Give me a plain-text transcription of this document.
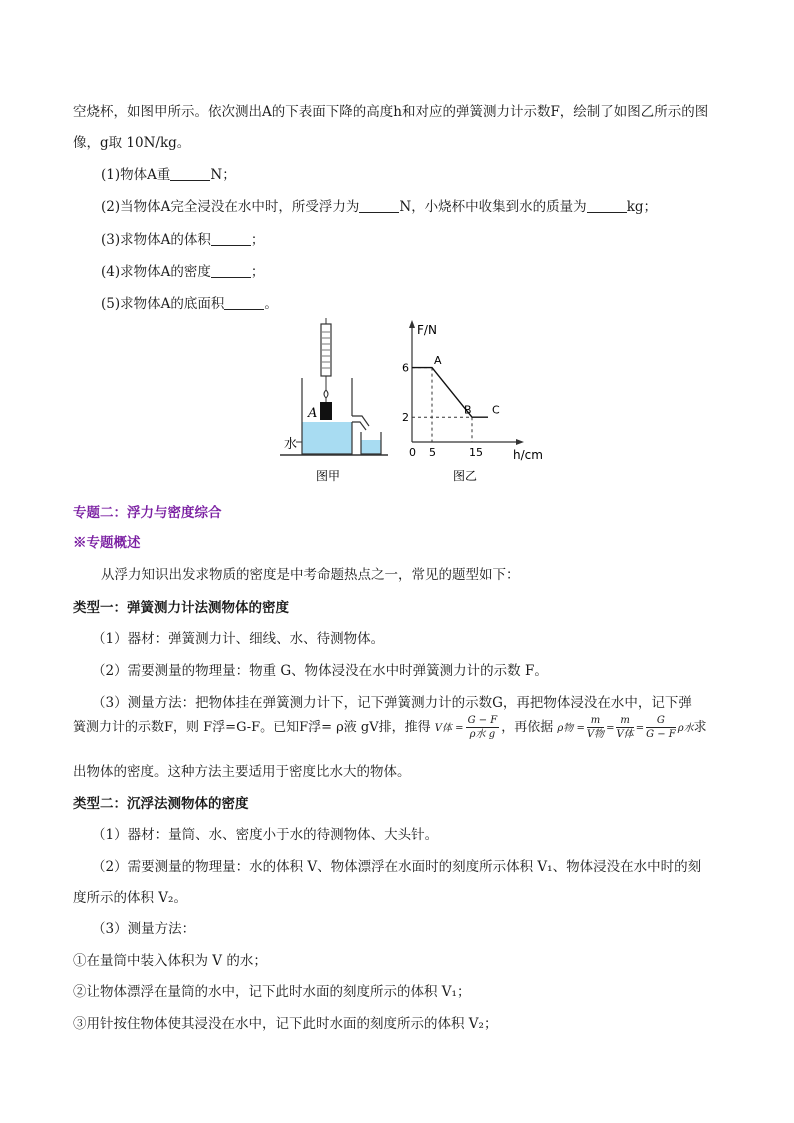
空烧杯，如图甲所示。依次测出A的下表面下降的高度h和对应的弹簧测力计示数F，绘制了如图乙所示的图
像，g取 10N/kg。
(1)物体A重	N；
(2)当物体A完全浸没在水中时，所受浮力为	N，小烧杯中收集到水的质量为	kg；
(3)求物体A的体积	；
(4)求物体A的密度	；
(5)求物体A的底面积	。
A
水
图甲
F/N
h/cm
0 5	15
2
6
A
B C
图乙
专题二：浮力与密度综合
※专题概述
从浮力知识出发求物质的密度是中考命题热点之一，常见的题型如下：
类型一：弹簧测力计法测物体的密度
（1）器材：弹簧测力计、细线、水、待测物体。
（2）需要测量的物理量：物重 G、物体浸没在水中时弹簧测力计的示数 F。
（3）测量方法：把物体挂在弹簧测力计下，记下弹簧测力计的示数G，再把物体浸没在水中，记下弹
簧测力计的示数F，则 F浮=G-F。已知F浮= ρ液 gV排，推得 V体 = $\frac{G - F}{\text{ρ水 g}}$ ，再依据 ρ物 = $\frac{m}{\text{V物}} = \frac{m}{\text{V体}} = \frac{G}{G - F}$ ρ水求
出物体的密度。这种方法主要适用于密度比水大的物体。
类型二：沉浮法测物体的密度
（1）器材：量筒、水、密度小于水的待测物体、大头针。
（2）需要测量的物理量：水的体积 V、物体漂浮在水面时的刻度所示体积 V₁、物体浸没在水中时的刻
度所示的体积 V₂。
（3）测量方法：
①在量筒中装入体积为 V 的水；
②让物体漂浮在量筒的水中，记下此时水面的刻度所示的体积 V₁；
③用针按住物体使其浸没在水中，记下此时水面的刻度所示的体积 V₂；
